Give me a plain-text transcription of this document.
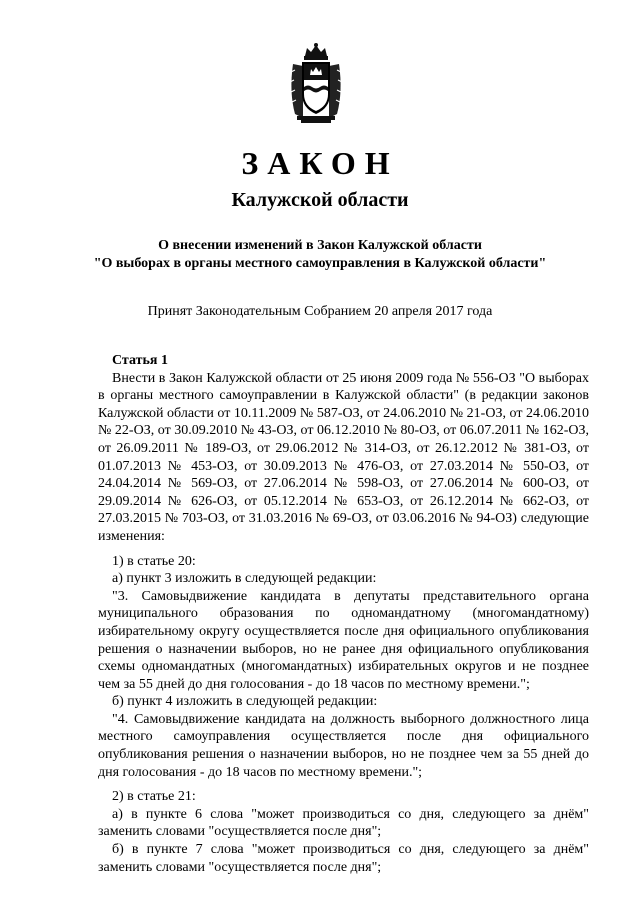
ЗАКОН
Калужской области
О внесении изменений в Закон Калужской области
"О выборах в органы местного самоуправления в Калужской области"
Принят Законодательным Собранием 20 апреля 2017 года

Статья 1

Внести в Закон Калужской области от 25 июня 2009 года № 556-ОЗ "О выборах в органы местного самоуправлении в Калужской области" (в редакции законов Калужской области от 10.11.2009 № 587-ОЗ, от 24.06.2010 № 21-ОЗ, от 24.06.2010 № 22-ОЗ, от 30.09.2010 № 43-ОЗ, от 06.12.2010 № 80-ОЗ, от 06.07.2011 № 162-ОЗ, от 26.09.2011 № 189-ОЗ, от 29.06.2012 № 314-ОЗ, от 26.12.2012 № 381-ОЗ, от 01.07.2013 № 453-ОЗ, от 30.09.2013 № 476-ОЗ, от 27.03.2014 № 550-ОЗ, от 24.04.2014 № 569-ОЗ, от 27.06.2014 № 598-ОЗ, от 27.06.2014 № 600-ОЗ, от 29.09.2014 № 626-ОЗ, от 05.12.2014 № 653-ОЗ, от 26.12.2014 № 662-ОЗ, от 27.03.2015 № 703-ОЗ, от 31.03.2016 № 69-ОЗ, от 03.06.2016 № 94-ОЗ) следующие изменения:

1) в статье 20:

а) пункт 3 изложить в следующей редакции:

"3. Самовыдвижение кандидата в депутаты представительного органа муниципального образования по одномандатному (многомандатному) избирательному округу осуществляется после дня официального опубликования решения о назначении выборов, но не ранее дня официального опубликования схемы одномандатных (многомандатных) избирательных округов и не позднее чем за 55 дней до дня голосования - до 18 часов по местному времени.";

б) пункт 4 изложить в следующей редакции:

"4. Самовыдвижение кандидата на должность выборного должностного лица местного самоуправления осуществляется после дня официального опубликования решения о назначении выборов, но не позднее чем за 55 дней до дня голосования - до 18 часов по местному времени.";

2) в статье 21:

а) в пункте 6 слова "может производиться со дня, следующего за днём" заменить словами "осуществляется после дня";

б) в пункте 7 слова "может производиться со дня, следующего за днём" заменить словами "осуществляется после дня";
